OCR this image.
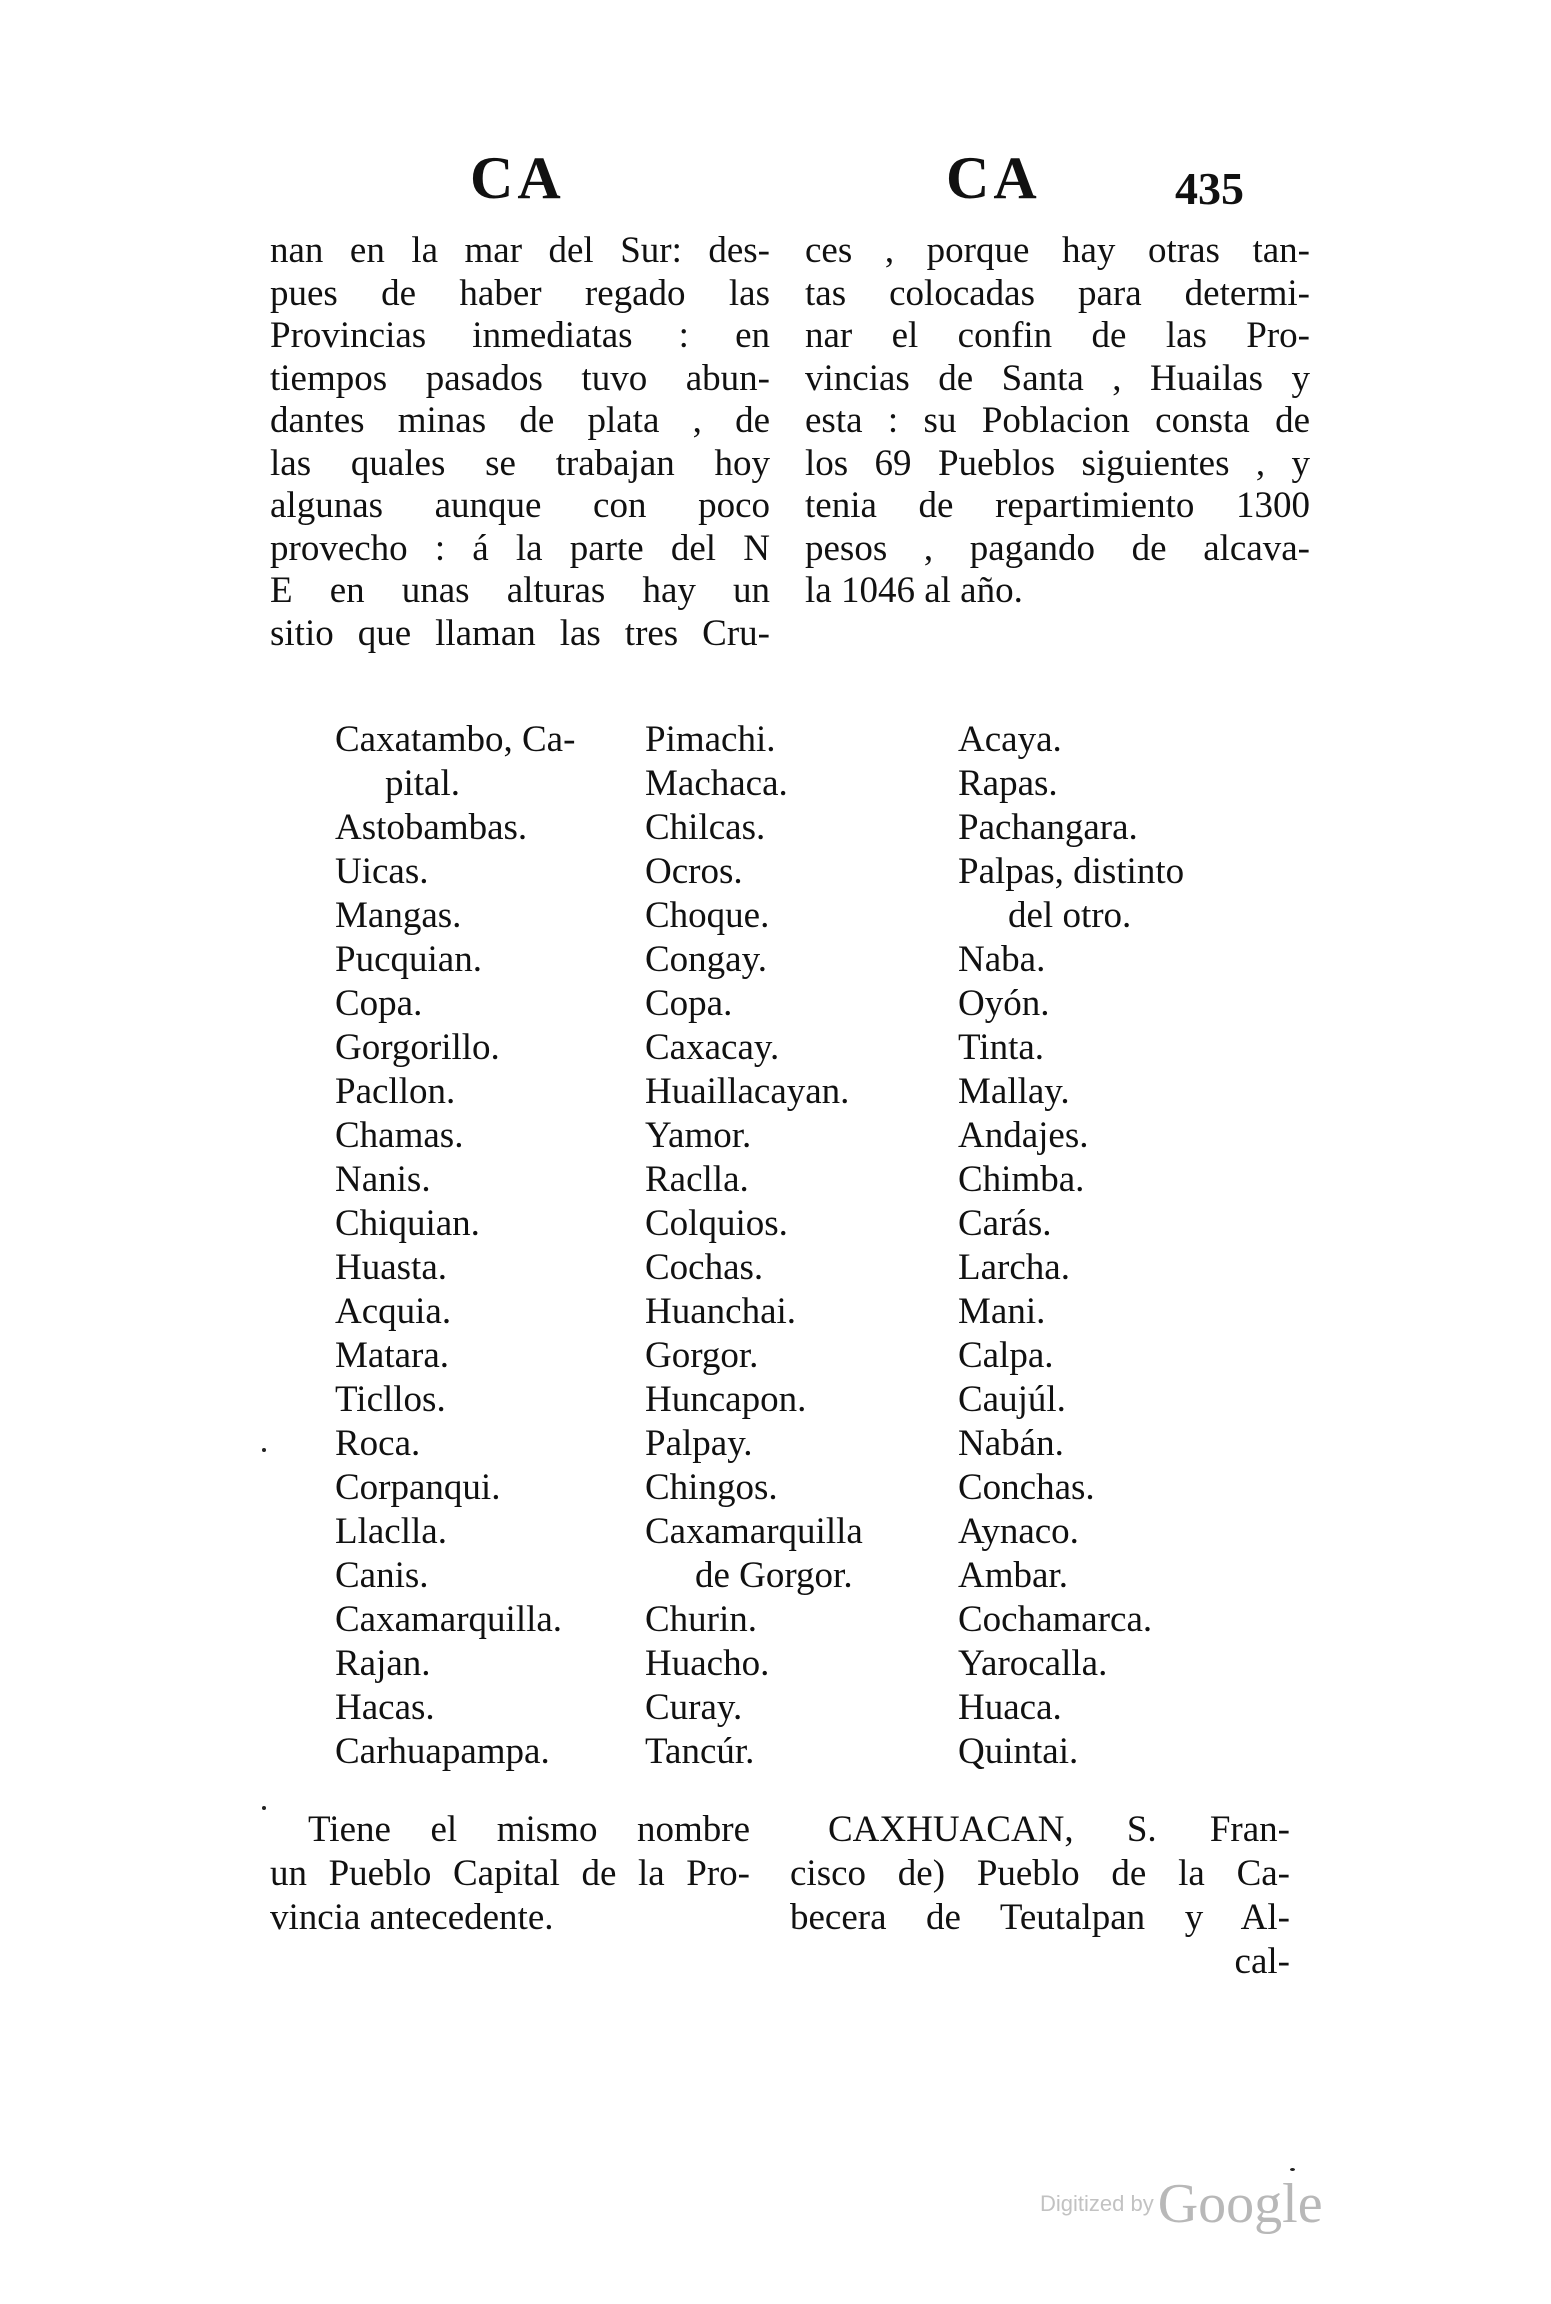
CA	CA	435
nan en la mar del Sur: des-
pues de haber regado las
Provincias inmediatas : en
tiempos pasados tuvo abun-
dantes minas de plata , de
las quales se trabajan hoy
algunas aunque con poco
provecho : á la parte del N
E en unas alturas hay un
sitio que llaman las tres Cru-
ces , porque hay otras tan-
tas colocadas para determi-
nar el confin de las Pro-
vincias de Santa , Huailas y
esta : su Poblacion consta de
los 69 Pueblos siguientes , y
tenia de repartimiento 1300
pesos , pagando de alcava-
la 1046 al año.
Caxatambo, Ca-
pital.
Astobambas.
Uicas.
Mangas.
Pucquian.
Copa.
Gorgorillo.
Pacllon.
Chamas.
Nanis.
Chiquian.
Huasta.
Acquia.
Matara.
Ticllos.
Roca.
Corpanqui.
Llaclla.
Canis.
Caxamarquilla.
Rajan.
Hacas.
Carhuapampa.
Pimachi.
Machaca.
Chilcas.
Ocros.
Choque.
Congay.
Copa.
Caxacay.
Huaillacayan.
Yamor.
Raclla.
Colquios.
Cochas.
Huanchai.
Gorgor.
Huncapon.
Palpay.
Chingos.
Caxamarquilla
de Gorgor.
Churin.
Huacho.
Curay.
Tancúr.
Acaya.
Rapas.
Pachangara.
Palpas, distinto
del otro.
Naba.
Oyón.
Tinta.
Mallay.
Andajes.
Chimba.
Carás.
Larcha.
Mani.
Calpa.
Caujúl.
Nabán.
Conchas.
Aynaco.
Ambar.
Cochamarca.
Yarocalla.
Huaca.
Quintai.
Tiene el mismo nombre
un Pueblo Capital de la Pro-
vincia antecedente.
CAXHUACAN, S. Fran-
cisco de) Pueblo de la Ca-
becera de Teutalpan y Al-
cal-
Digitized by Google
